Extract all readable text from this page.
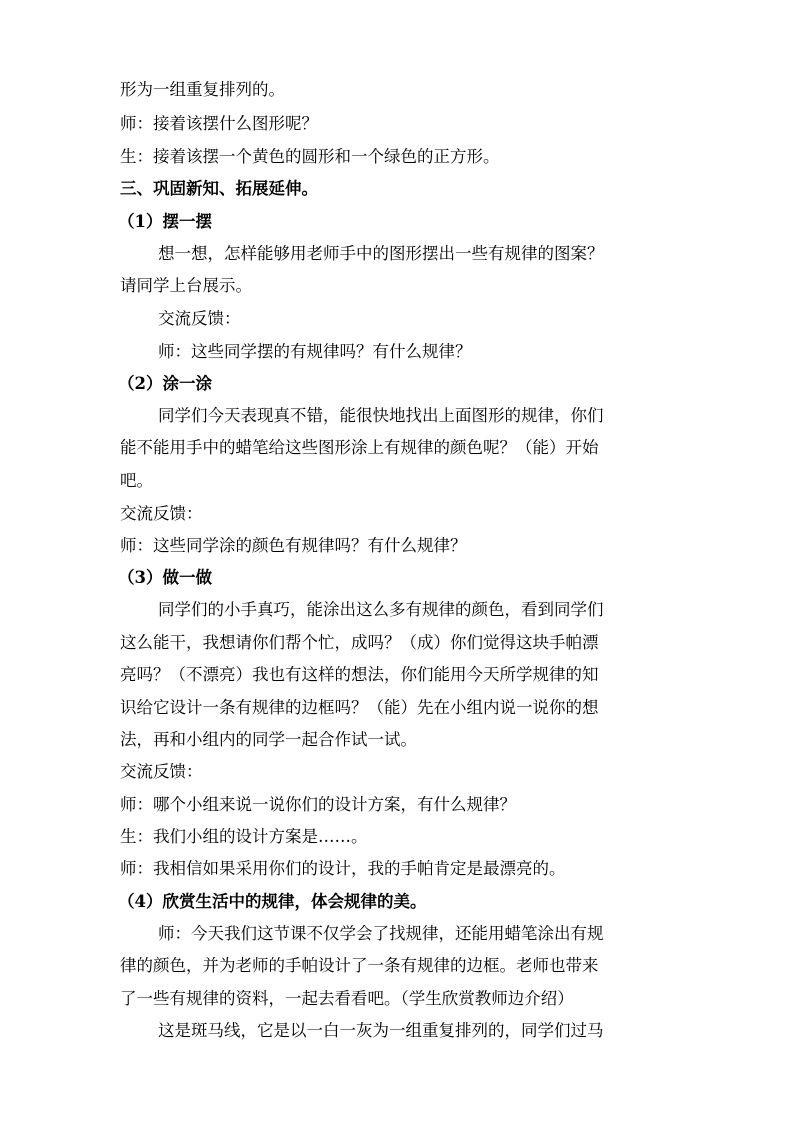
形为一组重复排列的。
师：接着该摆什么图形呢？
生：接着该摆一个黄色的圆形和一个绿色的正方形。
三、巩固新知、拓展延伸。
（1）摆一摆
想一想，怎样能够用老师手中的图形摆出一些有规律的图案？
请同学上台展示。
交流反馈：
师：这些同学摆的有规律吗？有什么规律？
（2）涂一涂
同学们今天表现真不错，能很快地找出上面图形的规律，你们
能不能用手中的蜡笔给这些图形涂上有规律的颜色呢？（能）开始
吧。
交流反馈：
师：这些同学涂的颜色有规律吗？有什么规律？
（3）做一做
同学们的小手真巧，能涂出这么多有规律的颜色，看到同学们
这么能干，我想请你们帮个忙，成吗？（成）你们觉得这块手帕漂
亮吗？（不漂亮）我也有这样的想法，你们能用今天所学规律的知
识给它设计一条有规律的边框吗？（能）先在小组内说一说你的想
法，再和小组内的同学一起合作试一试。
交流反馈：
师：哪个小组来说一说你们的设计方案，有什么规律？
生：我们小组的设计方案是……。
师：我相信如果采用你们的设计，我的手帕肯定是最漂亮的。
（4）欣赏生活中的规律，体会规律的美。
师：今天我们这节课不仅学会了找规律，还能用蜡笔涂出有规
律的颜色，并为老师的手帕设计了一条有规律的边框。老师也带来
了一些有规律的资料，一起去看看吧。（学生欣赏教师边介绍）
这是斑马线，它是以一白一灰为一组重复排列的，同学们过马
